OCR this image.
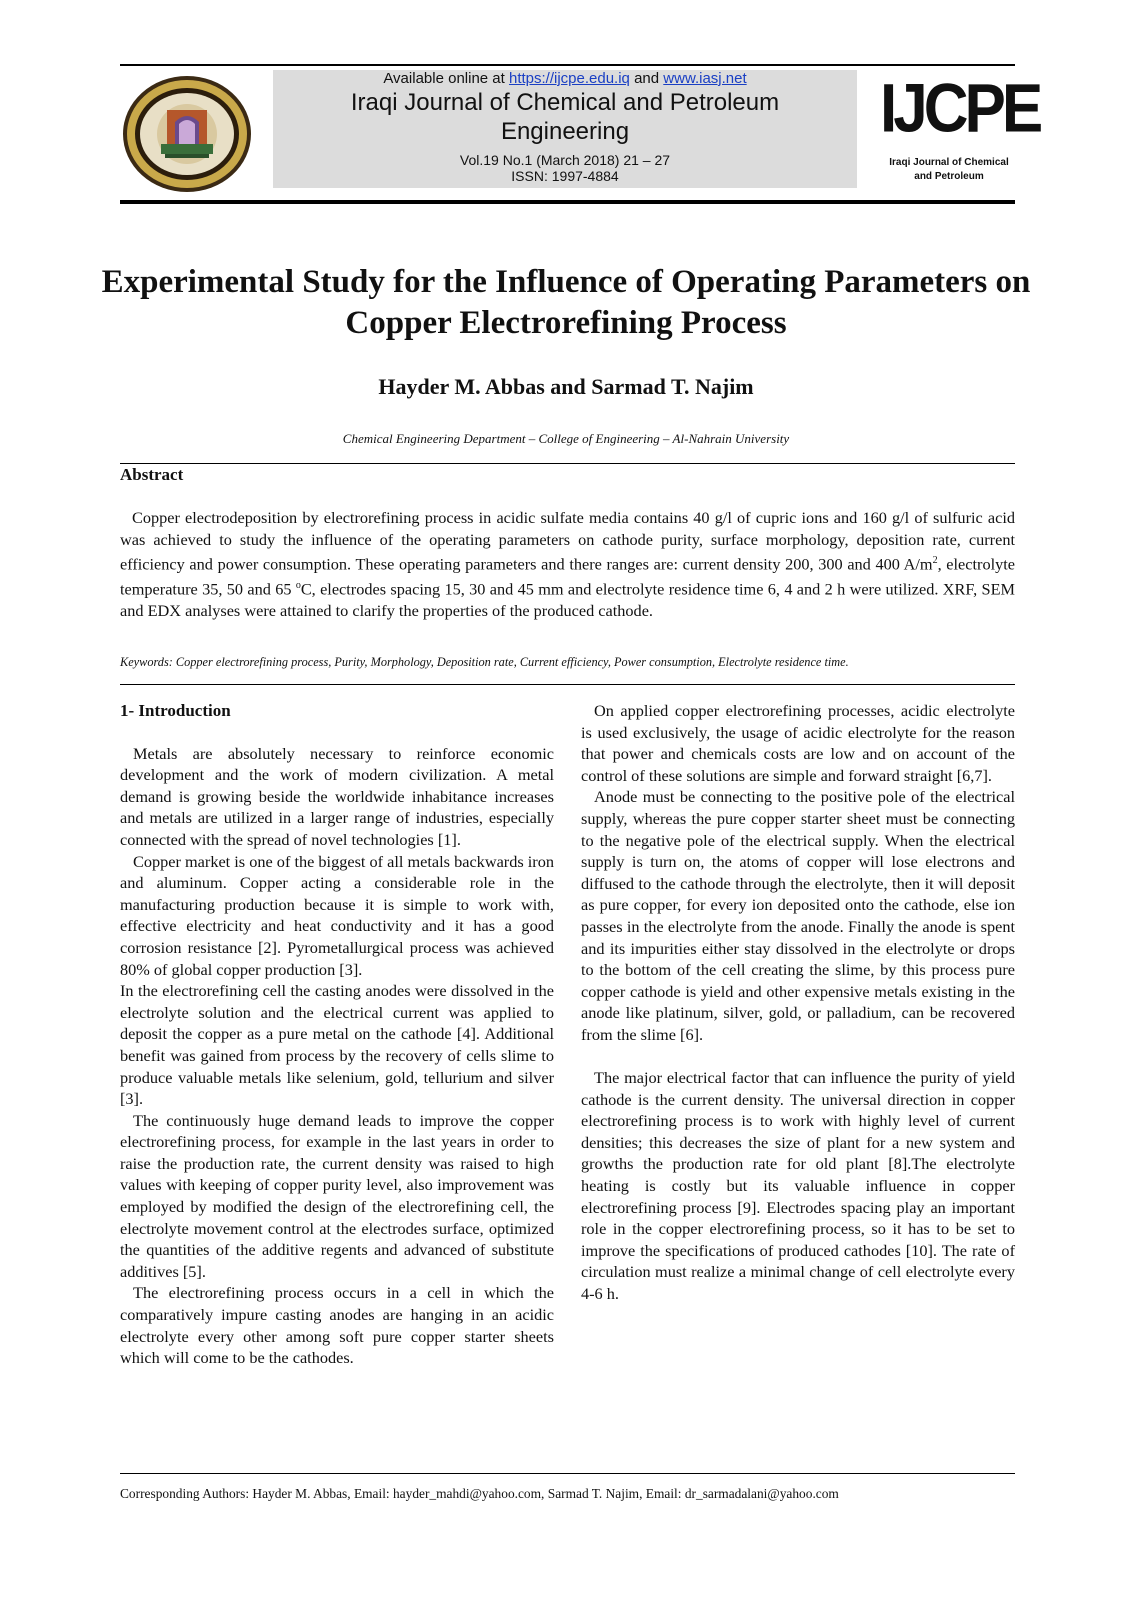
Available online at https://ijcpe.edu.iq and www.iasj.net
Iraqi Journal of Chemical and Petroleum
Engineering
Vol.19 No.1 (March 2018) 21 – 27
ISSN: 1997-4884
IJCPE
Iraqi Journal of Chemical
and Petroleum
Experimental Study for the Influence of Operating Parameters on
Copper Electrorefining Process
Hayder M. Abbas and Sarmad T. Najim
Chemical Engineering Department – College of Engineering – Al-Nahrain University
Abstract

Copper electrodeposition by electrorefining process in acidic sulfate media contains 40 g/l of cupric ions and 160 g/l of sulfuric acid was achieved to study the influence of the operating parameters on cathode purity, surface morphology, deposition rate, current efficiency and power consumption. These operating parameters and there ranges are: current density 200, 300 and 400 $A/m^2$, electrolyte temperature 35, 50 and 65 $^o$C, electrodes spacing 15, 30 and 45 mm and electrolyte residence time 6, 4 and 2 h were utilized. XRF, SEM and EDX analyses were attained to clarify the properties of the produced cathode.

Keywords: Copper electrorefining process, Purity, Morphology, Deposition rate, Current efficiency, Power consumption, Electrolyte residence time.
1- Introduction

Metals are absolutely necessary to reinforce economic development and the work of modern civilization. A metal demand is growing beside the worldwide inhabitance increases and metals are utilized in a larger range of industries, especially connected with the spread of novel technologies [1].

Copper market is one of the biggest of all metals backwards iron and aluminum. Copper acting a considerable role in the manufacturing production because it is simple to work with, effective electricity and heat conductivity and it has a good corrosion resistance [2]. Pyrometallurgical process was achieved 80% of global copper production [3].

In the electrorefining cell the casting anodes were dissolved in the electrolyte solution and the electrical current was applied to deposit the copper as a pure metal on the cathode [4]. Additional benefit was gained from process by the recovery of cells slime to produce valuable metals like selenium, gold, tellurium and silver [3].

The continuously huge demand leads to improve the copper electrorefining process, for example in the last years in order to raise the production rate, the current density was raised to high values with keeping of copper purity level, also improvement was employed by modified the design of the electrorefining cell, the electrolyte movement control at the electrodes surface, optimized the quantities of the additive regents and advanced of substitute additives [5].

The electrorefining process occurs in a cell in which the comparatively impure casting anodes are hanging in an acidic electrolyte every other among soft pure copper starter sheets which will come to be the cathodes.

On applied copper electrorefining processes, acidic electrolyte is used exclusively, the usage of acidic electrolyte for the reason that power and chemicals costs are low and on account of the control of these solutions are simple and forward straight [6,7].

Anode must be connecting to the positive pole of the electrical supply, whereas the pure copper starter sheet must be connecting to the negative pole of the electrical supply. When the electrical supply is turn on, the atoms of copper will lose electrons and diffused to the cathode through the electrolyte, then it will deposit as pure copper, for every ion deposited onto the cathode, else ion passes in the electrolyte from the anode. Finally the anode is spent and its impurities either stay dissolved in the electrolyte or drops to the bottom of the cell creating the slime, by this process pure copper cathode is yield and other expensive metals existing in the anode like platinum, silver, gold, or palladium, can be recovered from the slime [6].

The major electrical factor that can influence the purity of yield cathode is the current density. The universal direction in copper electrorefining process is to work with highly level of current densities; this decreases the size of plant for a new system and growths the production rate for old plant [8].The electrolyte heating is costly but its valuable influence in copper electrorefining process [9]. Electrodes spacing play an important role in the copper electrorefining process, so it has to be set to improve the specifications of produced cathodes [10]. The rate of circulation must realize a minimal change of cell electrolyte every 4-6 h.

Corresponding Authors: Hayder M. Abbas, Email: hayder_mahdi@yahoo.com, Sarmad T. Najim, Email: dr_sarmadalani@yahoo.com
